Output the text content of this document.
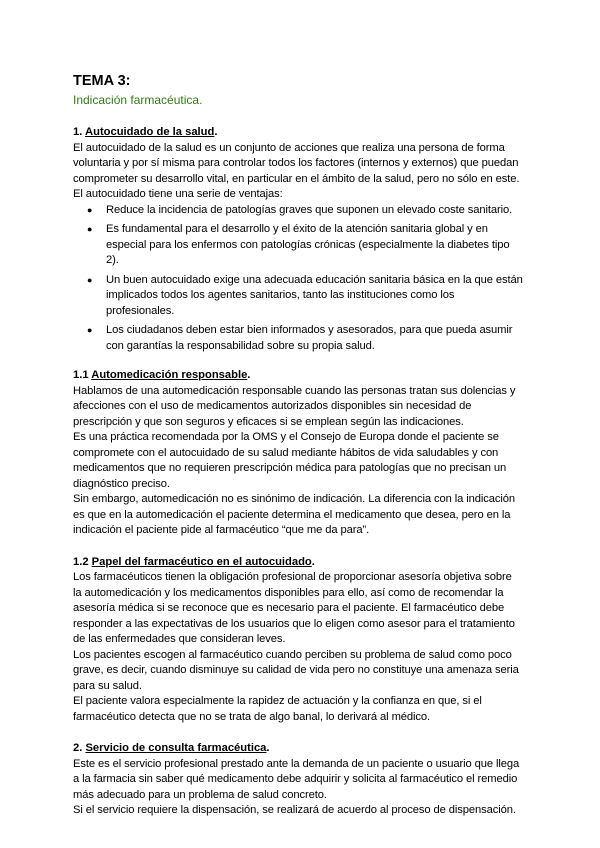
TEMA 3:

Indicación farmacéutica.

1. Autocuidado de la salud.

El autocuidado de la salud es un conjunto de acciones que realiza una persona de forma voluntaria y por sí misma para controlar todos los factores (internos y externos) que puedan comprometer su desarrollo vital, en particular en el ámbito de la salud, pero no sólo en este.

El autocuidado tiene una serie de ventajas:

● Reduce la incidencia de patologías graves que suponen un elevado coste sanitario.
● Es fundamental para el desarrollo y el éxito de la atención sanitaria global y en especial para los enfermos con patologías crónicas (especialmente la diabetes tipo 2).
● Un buen autocuidado exige una adecuada educación sanitaria básica en la que están implicados todos los agentes sanitarios, tanto las instituciones como los profesionales.
● Los ciudadanos deben estar bien informados y asesorados, para que pueda asumir con garantías la responsabilidad sobre su propia salud.

1.1 Automedicación responsable.

Hablamos de una automedicación responsable cuando las personas tratan sus dolencias y afecciones con el uso de medicamentos autorizados disponibles sin necesidad de prescripción y que son seguros y eficaces si se emplean según las indicaciones.

Es una práctica recomendada por la OMS y el Consejo de Europa donde el paciente se compromete con el autocuidado de su salud mediante hábitos de vida saludables y con medicamentos que no requieren prescripción médica para patologías que no precisan un diagnóstico preciso.

Sin embargo, automedicación no es sinónimo de indicación. La diferencia con la indicación es que en la automedicación el paciente determina el medicamento que desea, pero en la indicación el paciente pide al farmacéutico “que me da para”.

1.2 Papel del farmacéutico en el autocuidado.

Los farmacéuticos tienen la obligación profesional de proporcionar asesoría objetiva sobre la automedicación y los medicamentos disponibles para ello, así como de recomendar la asesoría médica si se reconoce que es necesario para el paciente. El farmacéutico debe responder a las expectativas de los usuarios que lo eligen como asesor para el tratamiento de las enfermedades que consideran leves.

Los pacientes escogen al farmacéutico cuando perciben su problema de salud como poco grave, es decir, cuando disminuye su calidad de vida pero no constituye una amenaza seria para su salud.

El paciente valora especialmente la rapidez de actuación y la confianza en que, si el farmacéutico detecta que no se trata de algo banal, lo derivará al médico.

2. Servicio de consulta farmacéutica.

Este es el servicio profesional prestado ante la demanda de un paciente o usuario que llega a la farmacia sin saber qué medicamento debe adquirir y solicita al farmacéutico el remedio más adecuado para un problema de salud concreto.

Si el servicio requiere la dispensación, se realizará de acuerdo al proceso de dispensación.
